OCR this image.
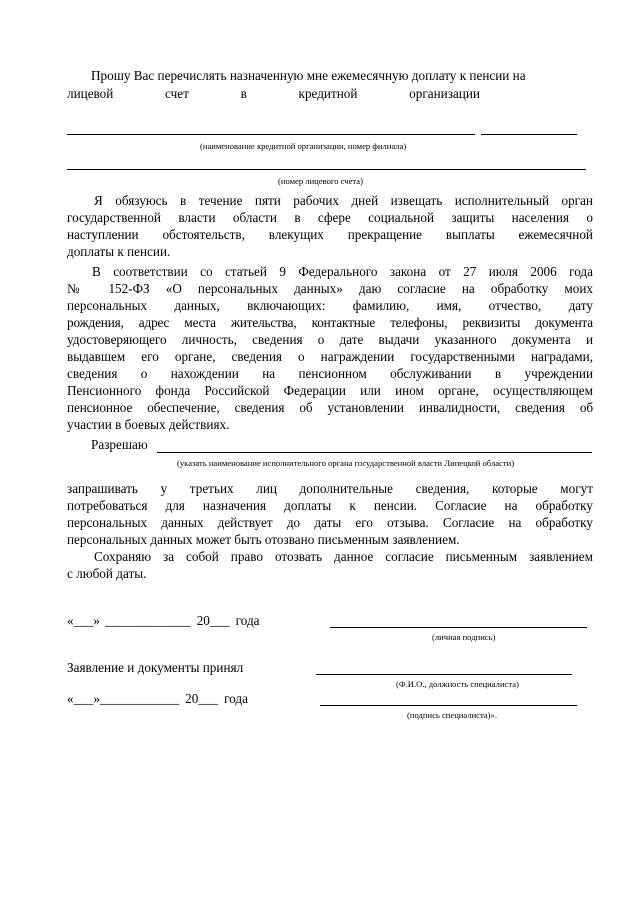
Прошу Вас перечислять назначенную мне ежемесячную доплату к пенсии на
лицевой	счет	в	кредитной	организации
(наименование кредитной организации, номер филиала)
(номер лицевого счета)
Я обязуюсь в течение пяти рабочих дней извещать исполнительный орган
государственной власти области в сфере социальной защиты населения о
наступлении обстоятельств, влекущих прекращение выплаты ежемесячной
доплаты к пенсии.
В соответствии со статьей 9 Федерального закона от 27 июля 2006 года
№ 152-ФЗ «О персональных данных» даю согласие на обработку моих
персональных данных, включающих: фамилию, имя, отчество, дату
рождения, адрес места жительства, контактные телефоны, реквизиты документа
удостоверяющего личность, сведения о дате выдачи указанного документа и
выдавшем его органе, сведения о награждении государственными наградами,
сведения о нахождении на пенсионном обслуживании в учреждении
Пенсионного фонда Российской Федерации или ином органе, осуществляющем
пенсионное обеспечение, сведения об установлении инвалидности, сведения об
участии в боевых действиях.
Разрешаю
(указать наименование исполнительного органа государственной власти Липецкой области)
запрашивать у третьих лиц дополнительные сведения, которые могут
потребоваться для назначения доплаты к пенсии. Согласие на обработку
персональных данных действует до даты его отзыва. Согласие на обработку
персональных данных может быть отозвано письменным заявлением.
Сохраняю за собой право отозвать данное согласие письменным заявлением
с любой даты.
«___» _____________ 20___ года
(личная подпись)
Заявление и документы принял
(Ф.И.О., должность специалиста)
«___»____________ 20___ года
(подпись специалиста)».
